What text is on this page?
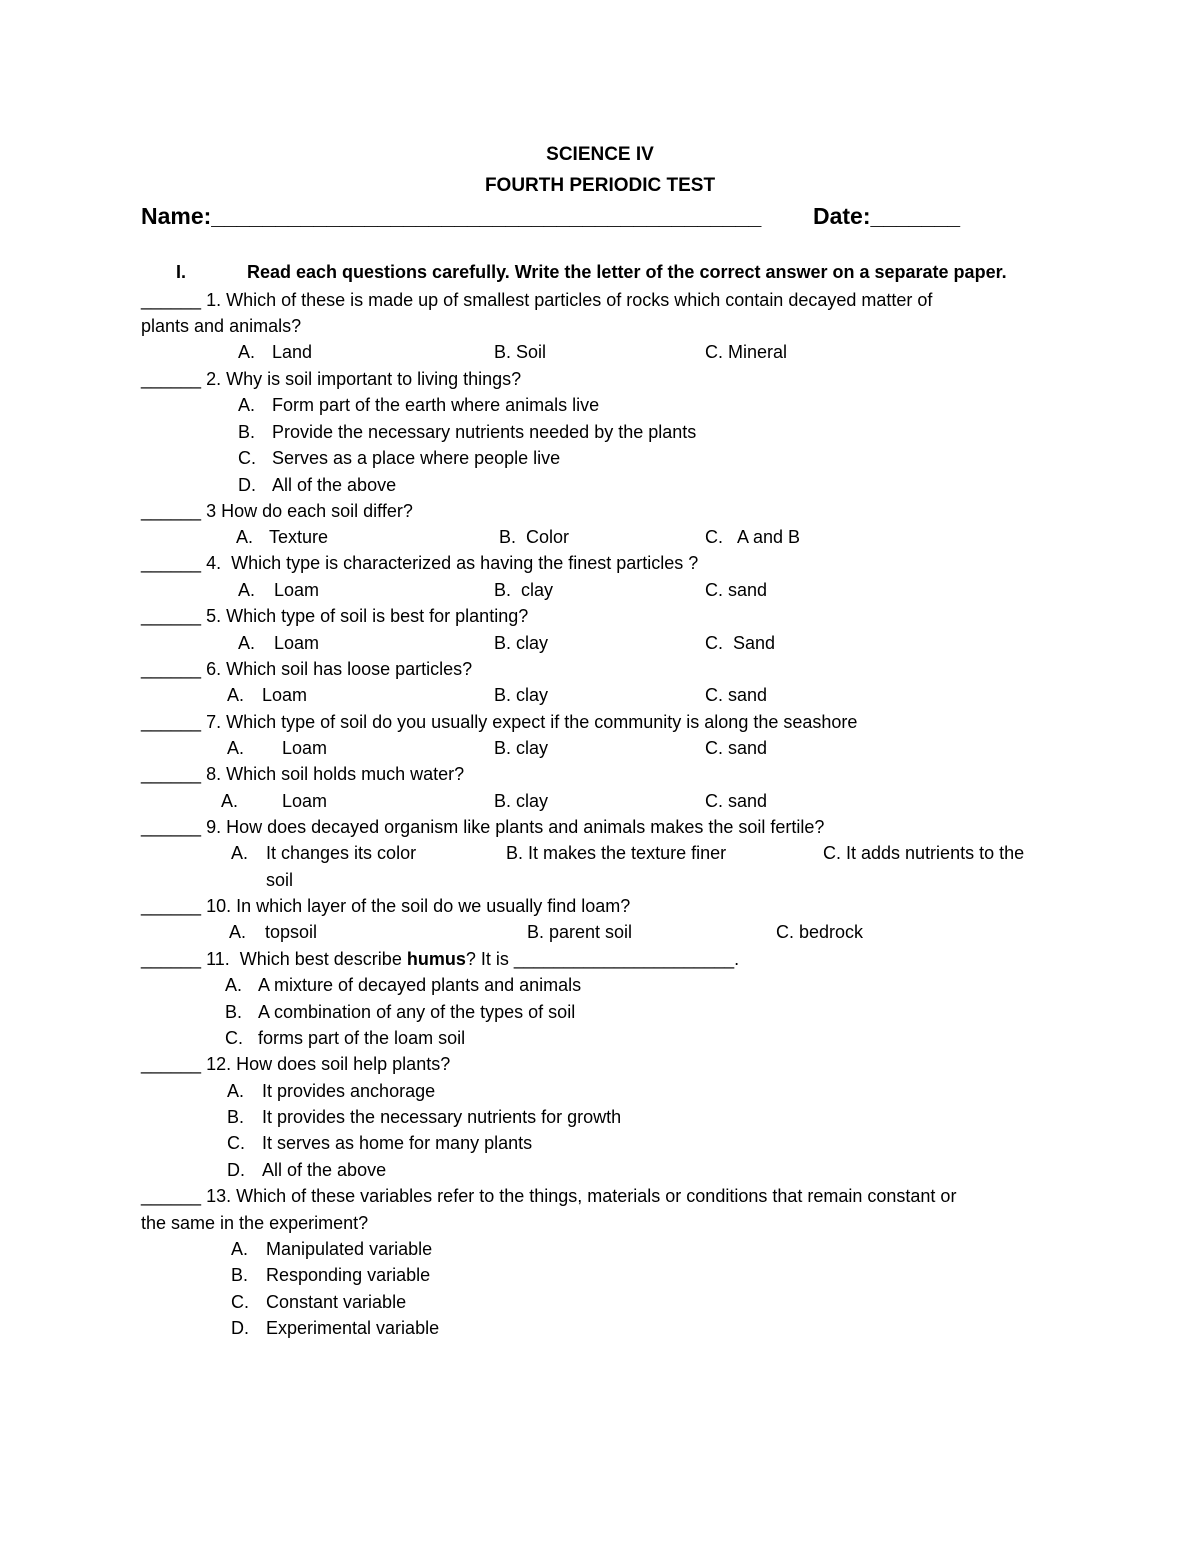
SCIENCE IV
FOURTH PERIODIC TEST
Name:___________________________________________ Date:_______
I.	Read each questions carefully. Write the letter of the correct answer on a separate paper.
______ 1. Which of these is made up of smallest particles of rocks which contain decayed matter of
plants and animals?
A. Land	B. Soil	C. Mineral
______ 2. Why is soil important to living things?
A. Form part of the earth where animals live
B. Provide the necessary nutrients needed by the plants
C. Serves as a place where people live
D. All of the above
______ 3 How do each soil differ?
A. Texture	B.  Color	C. A and B
______ 4.  Which type is characterized as having the finest particles ?
A. Loam	B.  clay	C. sand
______ 5. Which type of soil is best for planting?
A. Loam	B. clay	C.  Sand
______ 6. Which soil has loose particles?
A. Loam	B. clay	C. sand
______ 7. Which type of soil do you usually expect if the community is along the seashore
A. Loam	B. clay	C. sand
______ 8. Which soil holds much water?
A. Loam	B. clay	C. sand
______ 9. How does decayed organism like plants and animals makes the soil fertile?
A. It changes its color	B. It makes the texture finer	C. It adds nutrients to the
soil
______ 10. In which layer of the soil do we usually find loam?
A. topsoil	B. parent soil	C. bedrock
______ 11.  Which best describe humus? It is ______________________.
A. A mixture of decayed plants and animals
B. A combination of any of the types of soil
C. forms part of the loam soil
______ 12. How does soil help plants?
A. It provides anchorage
B. It provides the necessary nutrients for growth
C. It serves as home for many plants
D. All of the above
______ 13. Which of these variables refer to the things, materials or conditions that remain constant or
the same in the experiment?
A. Manipulated variable
B. Responding variable
C. Constant variable
D. Experimental variable
